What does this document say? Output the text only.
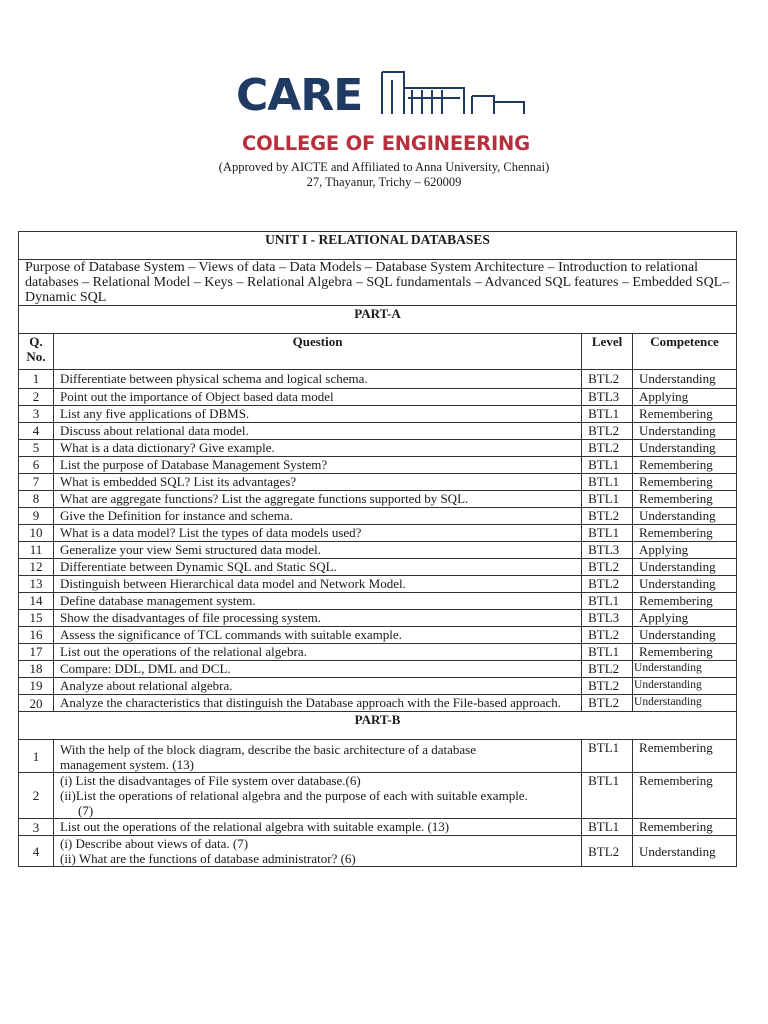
CARE
COLLEGE OF ENGINEERING
(Approved by AICTE and Affiliated to Anna University, Chennai)
27, Thayanur, Trichy – 620009
UNIT I - RELATIONAL DATABASES			
Purpose of Database System – Views of data – Data Models – Database System Architecture – Introduction to relational databases – Relational Model – Keys – Relational Algebra – SQL fundamentals – Advanced SQL features – Embedded SQL– Dynamic SQL			
PART-A			
Q. No.	Question	Level	Competence
1	Differentiate between physical schema and logical schema.	BTL2	Understanding
2	Point out the importance of Object based data model	BTL3	Applying
3	List any five applications of DBMS.	BTL1	Remembering
4	Discuss about relational data model.	BTL2	Understanding
5	What is a data dictionary? Give example.	BTL2	Understanding
6	List the purpose of Database Management System?	BTL1	Remembering
7	What is embedded SQL? List its advantages?	BTL1	Remembering
8	What are aggregate functions? List the aggregate functions supported by SQL.	BTL1	Remembering
9	Give the Definition for instance and schema.	BTL2	Understanding
10	What is a data model? List the types of data models used?	BTL1	Remembering
11	Generalize your view Semi structured data model.	BTL3	Applying
12	Differentiate between Dynamic SQL and Static SQL.	BTL2	Understanding
13	Distinguish between Hierarchical data model and Network Model.	BTL2	Understanding
14	Define database management system.	BTL1	Remembering
15	Show the disadvantages of file processing system.	BTL3	Applying
16	Assess the significance of TCL commands with suitable example.	BTL2	Understanding
17	List out the operations of the relational algebra.	BTL1	Remembering
18	Compare: DDL, DML and DCL.	BTL2	Understanding
19	Analyze about relational algebra.	BTL2	Understanding
20	Analyze the characteristics that distinguish the Database approach with the File-based approach.	BTL2	Understanding
PART-B			
1	With the help of the block diagram, describe the basic architecture of a database
management system. (13)	BTL1	Remembering
2	(i) List the disadvantages of File system over database.(6)
(ii)List the operations of relational algebra and the purpose of each with suitable example.
(7)	BTL1	Remembering
3	List out the operations of the relational algebra with suitable example. (13)	BTL1	Remembering
4	(i) Describe about views of data. (7)
(ii) What are the functions of database administrator? (6)	BTL2	Understanding
